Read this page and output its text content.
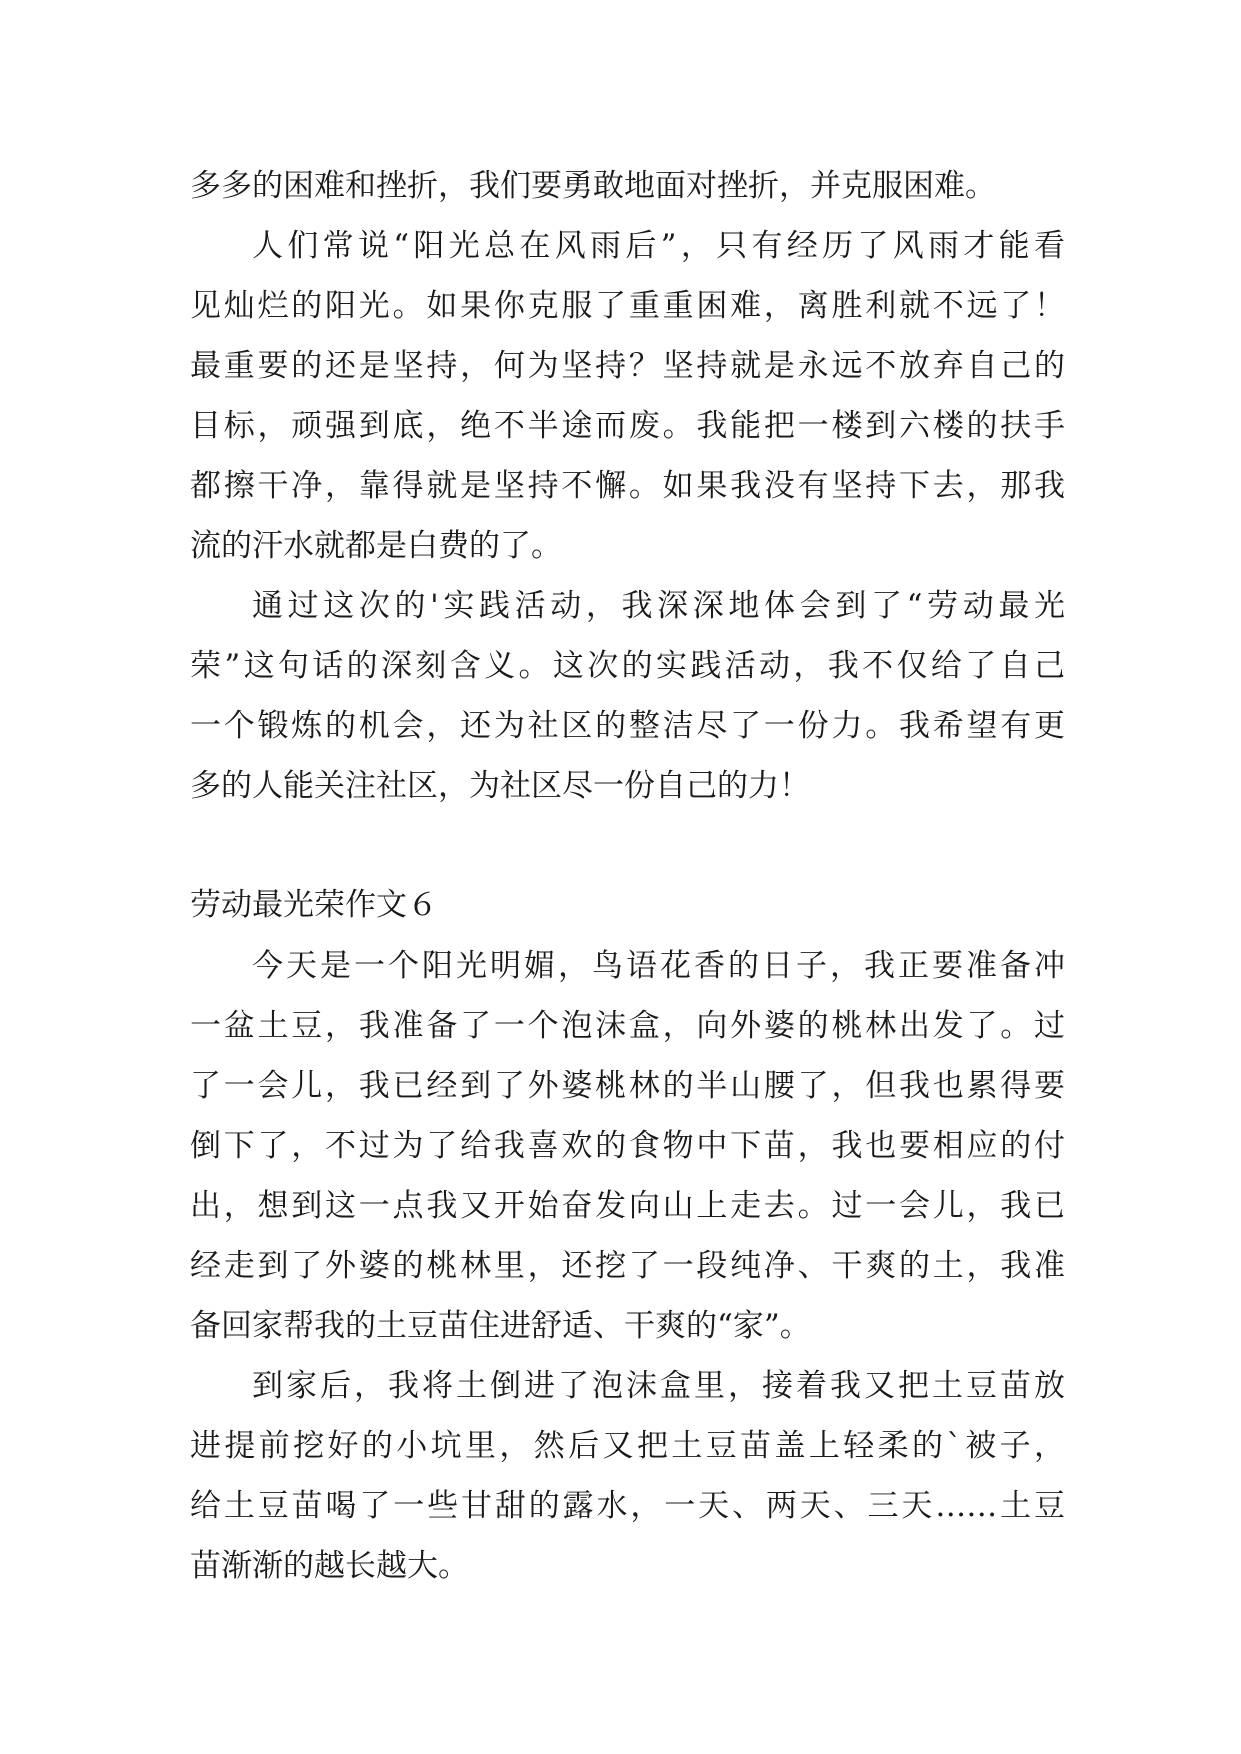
多多的困难和挫折，我们要勇敢地面对挫折，并克服困难。
人们常说“阳光总在风雨后”，只有经历了风雨才能看
见灿烂的阳光。如果你克服了重重困难，离胜利就不远了！
最重要的还是坚持，何为坚持？坚持就是永远不放弃自己的
目标，顽强到底，绝不半途而废。我能把一楼到六楼的扶手
都擦干净，靠得就是坚持不懈。如果我没有坚持下去，那我
流的汗水就都是白费的了。
通过这次的'实践活动，我深深地体会到了“劳动最光
荣”这句话的深刻含义。这次的实践活动，我不仅给了自己
一个锻炼的机会，还为社区的整洁尽了一份力。我希望有更
多的人能关注社区，为社区尽一份自己的力！
劳动最光荣作文６
今天是一个阳光明媚，鸟语花香的日子，我正要准备冲
一盆土豆，我准备了一个泡沫盒，向外婆的桃林出发了。过
了一会儿，我已经到了外婆桃林的半山腰了，但我也累得要
倒下了，不过为了给我喜欢的食物中下苗，我也要相应的付
出，想到这一点我又开始奋发向山上走去。过一会儿，我已
经走到了外婆的桃林里，还挖了一段纯净、干爽的土，我准
备回家帮我的土豆苗住进舒适、干爽的“家”。
到家后，我将土倒进了泡沫盒里，接着我又把土豆苗放
进提前挖好的小坑里，然后又把土豆苗盖上轻柔的`被子，
给土豆苗喝了一些甘甜的露水，一天、两天、三天……土豆
苗渐渐的越长越大。
